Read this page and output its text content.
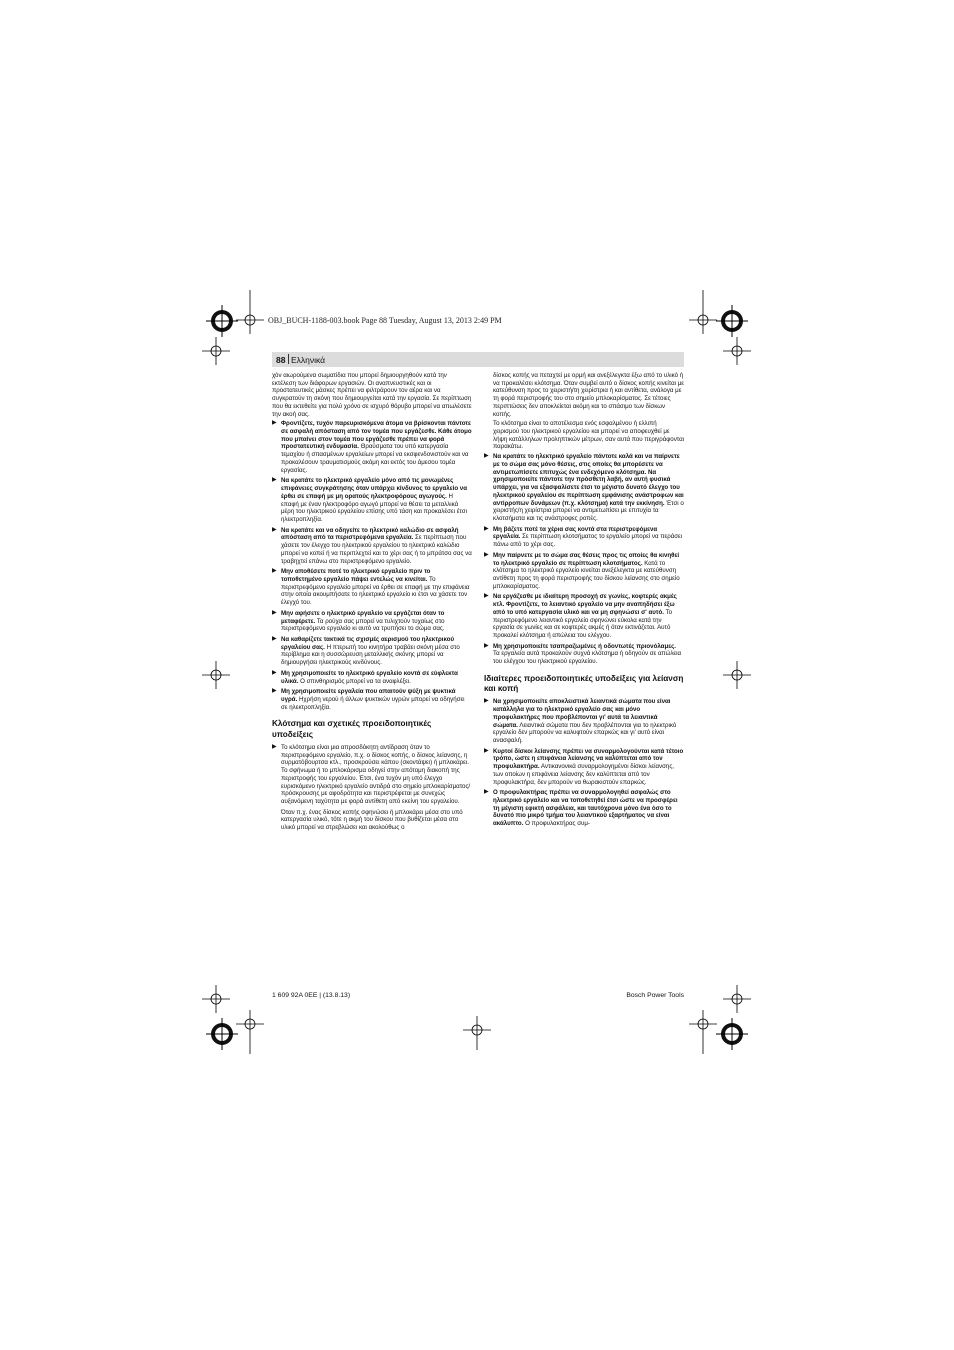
OBJ_BUCH-1188-003.book Page 88 Tuesday, August 13, 2013 2:49 PM
88 Ελληνικά

χόν αιωρούμενα σωματίδια που μπορεί δημιουργηθούν κατά την εκτέλεση των διάφορων εργασιών. Οι αναπνευστικές και οι προστατευτικές μάσκες πρέπει να φιλτράρουν τον αέρα και να συγκρατούν τη σκόνη που δημιουργείται κατά την εργασία. Σε περίπτωση που θα εκτεθείτε για πολύ χρόνο σε ισχυρό θόρυβο μπορεί να απωλέσετε την ακοή σας.

▶ Φροντίζετε, τυχόν παρευρισκόμενα άτομα να βρίσκονται πάντοτε σε ασφαλή απόσταση από τον τομέα που εργάζεσθε. Κάθε άτομο που μπαίνει στον τομέα που εργάζεσθε πρέπει να φορά προστατευτική ενδυμασία. Θραύσματα του υπό κατεργασία τεμαχίου ή σπασμένων εργαλείων μπορεί να εκσφενδονιστούν και να προκαλέσουν τραυματισμούς ακόμη και εκτός του άμεσου τομέα εργασίας.
▶ Να κρατάτε το ηλεκτρικό εργαλείο μόνο από τις μονωμένες επιφάνειες συγκράτησης όταν υπάρχει κίνδυνος το εργαλείο να έρθει σε επαφή με μη ορατούς ηλεκτροφόρους αγωγούς. Η επαφή με έναν ηλεκτροφόρο αγωγό μπορεί να θέσει τα μεταλλικά μέρη του ηλεκτρικού εργαλείου επίσης υπό τάση και προκαλέσει έτσι ηλεκτροπληξία.
▶ Να κρατάτε και να οδηγείτε το ηλεκτρικό καλώδιο σε ασφαλή απόσταση από τα περιστρεφόμενα εργαλεία. Σε περίπτωση που χάσετε τον έλεγχο του ηλεκτρικού εργαλείου το ηλεκτρικό καλώδιο μπορεί να κοπεί ή να περιπλεχτεί και το χέρι σας ή το μπράτσο σας να τραβηχτεί επάνω στο περιστρεφόμενο εργαλείο.
▶ Μην αποθέσετε ποτέ το ηλεκτρικό εργαλείο πριν το τοποθετημένο εργαλείο πάψει εντελώς να κινείται. Το περιστρεφόμενο εργαλείο μπορεί να έρθει σε επαφή με την επιφάνεια στην οποία ακουμπήσατε το ηλεκτρικό εργαλείο κι έτσι να χάσετε τον έλεγχό του.
▶ Μην αφήσετε ο ηλεκτρικό εργαλείο να εργάζεται όταν το μεταφέρετε. Τα ρούχα σας μπορεί να τυλιχτούν τυχαίως στο περιστρεφόμενο εργαλείο κι αυτό να τρυπήσει το σώμα σας.
▶ Να καθαρίζετε τακτικά τις σχισμές αερισμού του ηλεκτρικού εργαλείου σας. Η πτερωτή του κινητήρα τραβάει σκόνη μέσα στο περίβλημα και η συσσώρευση μεταλλικής σκόνης μπορεί να δημιουργήσει ηλεκτρικούς κινδύνους.
▶ Μη χρησιμοποιείτε το ηλεκτρικό εργαλείο κοντά σε εύφλεκτα υλικά. Ο σπινθηρισμός μπορεί να τα αναφλέξει.
▶ Μη χρησιμοποιείτε εργαλεία που απαιτούν ψύξη με ψυκτικά υγρά. Ηχρήση νερού ή άλλων ψυκτικών υγρών μπορεί να οδηγήσει σε ηλεκτροπληξία.
Κλότσημα και σχετικές προειδοποιητικές υποδείξεις
▶ Το κλότσημα είναι μια απροσδόκητη αντίδραση όταν το περιστρεφόμενο εργαλείο, π.χ. ο δίσκος κοπής, ο δίσκος λείανσης, η συρματόβουρτσα κτλ., προσκρούσει κάπου (σκοντάψει) ή μπλοκάρει. Το σφήνωμα ή το μπλοκάρισμα οδηγεί στην απότομη διακοπή της περιστροφής του εργαλείου. Έτσι, ένα τυχόν μη υπό έλεγχο ευρισκόμενο ηλεκτρικό εργαλείο αντιδρά στο σημείο μπλοκαρίσματος/πρόσκρουσης με αφοδρότητα και περιστρέφεται με συνεχώς αυξανόμενη ταχύτητα με φορά αντίθετη από εκείνη του εργαλείου.

Όταν π.χ. ένας δίσκος κοπής σφηνώσει ή μπλοκάρει μέσα στο υπό κατεργασία υλικό, τότε η ακμή του δίσκου που βυθίζεται μέσα στο υλικό μπορεί να στρεβλώσει και ακολούθως ο

δίσκος κοπής να πεταχτεί με ορμή και ανεξέλεγκτα έξω από το υλικό ή να προκαλέσει κλότσημα. Όταν συμβεί αυτό ο δίσκος κοπής κινείται με κατεύθυνση προς το χειριστή/τη χειρίστρια ή και αντίθετα, ανάλογα με τη φορά περιστροφής του στο σημείο μπλοκαρίσματος. Σε τέτοιες περιπτώσεις δεν αποκλείεται ακόμη και το σπάσιμο των δίσκων κοπής.

Το κλότσημα είναι το αποτέλεσμα ενός εσφαλμένου ή ελλιπή χειρισμού του ηλεκτρικού εργαλείου και μπορεί να αποφευχθεί με λήψη κατάλληλων προληπτικών μέτρων, σαν αυτά που περιγράφονται παρακάτω.

▶ Να κρατάτε το ηλεκτρικό εργαλείο πάντοτε καλά και να παίρνετε με το σώμα σας μόνο θέσεις, στις οποίες θα μπορέσετε να αντιμετωπίσετε επιτυχώς ένα ενδεχόμενο κλότσημα. Να χρησιμοποιείτε πάντοτε την πρόσθετη λαβή, αν αυτή φυσικά υπάρχει, για να εξασφαλίσετε έτσι το μέγιστο δυνατό έλεγχο του ηλεκτρικού εργαλείου σε περίπτωση εμφάνισης ανάστροφων και αντίρροπων δυνάμεων (π.χ. κλότσημα) κατά την εκκίνηση. Έτσι ο χειριστής/η χειρίστρια μπορεί να αντιμετωπίσει με επιτυχία τα κλοτσήματα και τις ανάστροφες ροπές.
▶ Μη βάζετε ποτέ τα χέρια σας κοντά στα περιστρεφόμενα εργαλεία. Σε περίπτωση κλοτσήματος το εργαλείο μπορεί να περάσει πάνω από το χέρι σας.
▶ Μην παίρνετε με το σώμα σας θέσεις προς τις οποίες θα κινηθεί το ηλεκτρικό εργαλείο σε περίπτωση κλοτσήματος. Κατά το κλότσημα το ηλεκτρικό εργαλείο κινείται ανεξέλεγκτα με κατεύθυνση αντίθετη προς τη φορά περιστροφής του δίσκου λείανσης στο σημείο μπλοκαρίσματος.
▶ Να εργάζεσθε με ιδιαίτερη προσοχή σε γωνίες, κοφτερές ακμές κτλ. Φροντίζετε, το λειαντικό εργαλείο να μην αναπηδήσει έξω από το υπό κατεργασία υλικό και να μη σφηνώσει σ' αυτό. Το περιστρεφόμενο λειαντικό εργαλείο σφηνώνει εύκολα κατά την εργασία σε γωνίες και σε κοφτερές ακμές ή όταν εκτινάζεται. Αυτό προκαλεί κλότσημα ή απώλεια του ελέγχου.
▶ Μη χρησιμοποιείτε τσαπραζωμένες ή οδοντωτές πριονόλαμες. Τα εργαλεία αυτά προκαλούν συχνά κλότσημα ή οδηγούν σε απώλεια του ελέγχου του ηλεκτρικού εργαλείου.
Ιδιαίτερες προειδοποιητικές υποδείξεις για λείανση και κοπή
▶ Να χρησιμοποιείτε αποκλειστικά λειαντικά σώματα που είναι κατάλληλα για το ηλεκτρικό εργαλείο σας και μόνο προφυλακτήρες που προβλέπονται γι' αυτά τα λειαντικά σώματα. Λειαντικά σώματα που δεν προβλέπονται για το ηλεκτρικό εργαλείο δεν μπορούν να καλυφτούν επαρκώς και γι' αυτό είναι ανασφαλή.
▶ Κυρτοί δίσκοι λείανσης πρέπει να συναρμολογούνται κατά τέτοιο τρόπο, ώστε η επιφάνεια λείανσης να καλύπτεται από τον προφυλακτήρα. Αντικανονικά συναρμολογημένοι δίσκοι λείανσης, των οποίων η επιφάνεια λείανσης δεν καλύπτεται από τον προφυλακτήρα, δεν μπορούν να θωρακιστούν επαρκώς.
▶ Ο προφυλακτήρας πρέπει να συναρμολογηθεί ασφαλώς στο ηλεκτρικό εργαλείο και να τοποθετηθεί έτσι ώστε να προσφέρει τη μέγιστη εφικτή ασφάλεια, και ταυτόχρονα μόνο ένα όσο το δυνατό πιο μικρό τμήμα του λειαντικού εξαρτήματος να είναι ακάλυπτο. Ο προφυλακτήρας συμ-
1 609 92A 0EE | (13.8.13)	Bosch Power Tools
